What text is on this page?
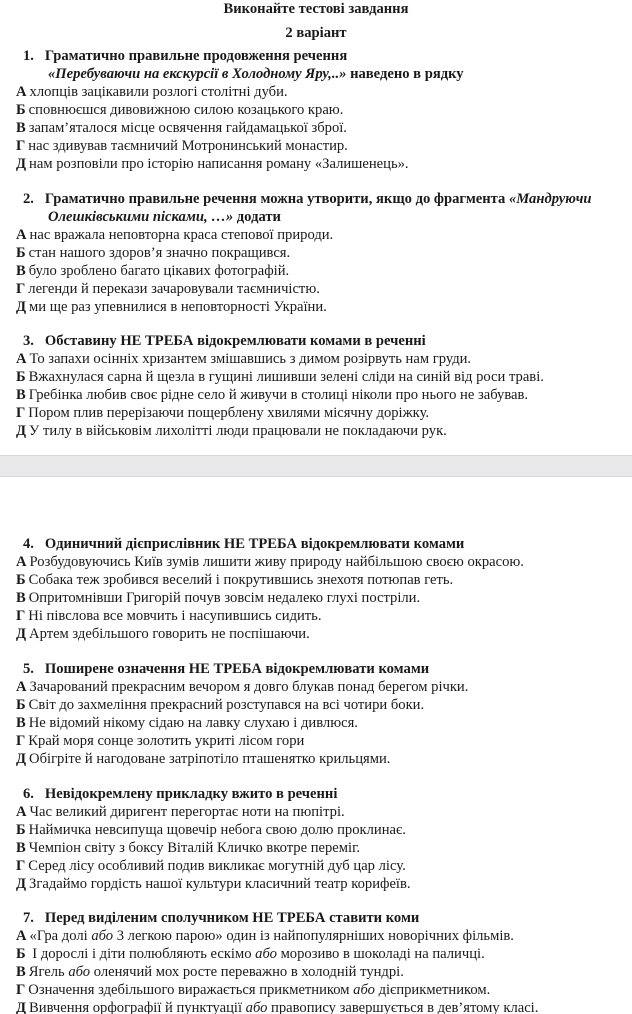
Виконайте тестові завдання
2 варіант
1. Граматично правильне продовження речення
«Перебуваючи на екскурсії в Холодному Яру,..» наведено в рядку
А хлопців зацікавили розлогі столітні дуби.
Б сповнюєшся дивовижною силою козацького краю.
В запам’яталося місце освячення гайдамацької зброї.
Г нас здивував таємничий Мотронинський монастир.
Д нам розповіли про історію написання роману «Залишенець».
2. Граматично правильне речення можна утворити, якщо до фрагмента «Мандруючи
Олешківськими пісками, …» додати
А нас вражала неповторна краса степової природи.
Б стан нашого здоров’я значно покращився.
В було зроблено багато цікавих фотографій.
Г легенди й перекази зачаровували таємничістю.
Д ми ще раз упевнилися в неповторності України.
3. Обставину НЕ ТРЕБА відокремлювати комами в реченні
А То запахи осінніх хризантем змішавшись з димом розірвуть нам груди.
Б Вжахнулася сарна й щезла в гущині лишивши зелені сліди на синій від роси траві.
В Гребінка любив своє рідне село й живучи в столиці ніколи про нього не забував.
Г Пором плив перерізаючи пощерблену хвилями місячну доріжку.
Д У тилу в військовім лихолітті люди працювали не покладаючи рук.
4. Одиничний дієприслівник НЕ ТРЕБА відокремлювати комами
А Розбудовуючись Київ зумів лишити живу природу найбільшою своєю окрасою.
Б Собака теж зробився веселий і покрутившись знехотя потюпав геть.
В Опритомнівши Григорій почув зовсім недалеко глухі постріли.
Г Ні півслова все мовчить і насупившись сидить.
Д Артем здебільшого говорить не поспішаючи.
5. Поширене означення НЕ ТРЕБА відокремлювати комами
А Зачарований прекрасним вечором я довго блукав понад берегом річки.
Б Світ до захмеління прекрасний розступався на всі чотири боки.
В Не відомий нікому сідаю на лавку слухаю і дивлюся.
Г Край моря сонце золотить укриті лісом гори
Д Обігріте й нагодоване затріпотіло пташенятко крильцями.
6. Невідокремлену прикладку вжито в реченні
А Час великий диригент перегортає ноти на пюпітрі.
Б Наймичка невсипуща щовечір небога свою долю проклинає.
В Чемпіон світу з боксу Віталій Кличко вкотре переміг.
Г Серед лісу особливий подив викликає могутній дуб цар лісу.
Д Згадаймо гордість нашої культури класичний театр корифеїв.
7. Перед виділеним сполучником НЕ ТРЕБА ставити коми
А «Гра долі або 3 легкою парою» один із найпопулярніших новорічних фільмів.
Б І дорослі і діти полюбляють ескімо або морозиво в шоколаді на паличці.
В Ягель або оленячий мох росте переважно в холодній тундрі.
Г Означення здебільшого виражається прикметником або дієприкметником.
Д Вивчення орфографії й пунктуації або правопису завершується в дев’ятому класі.
